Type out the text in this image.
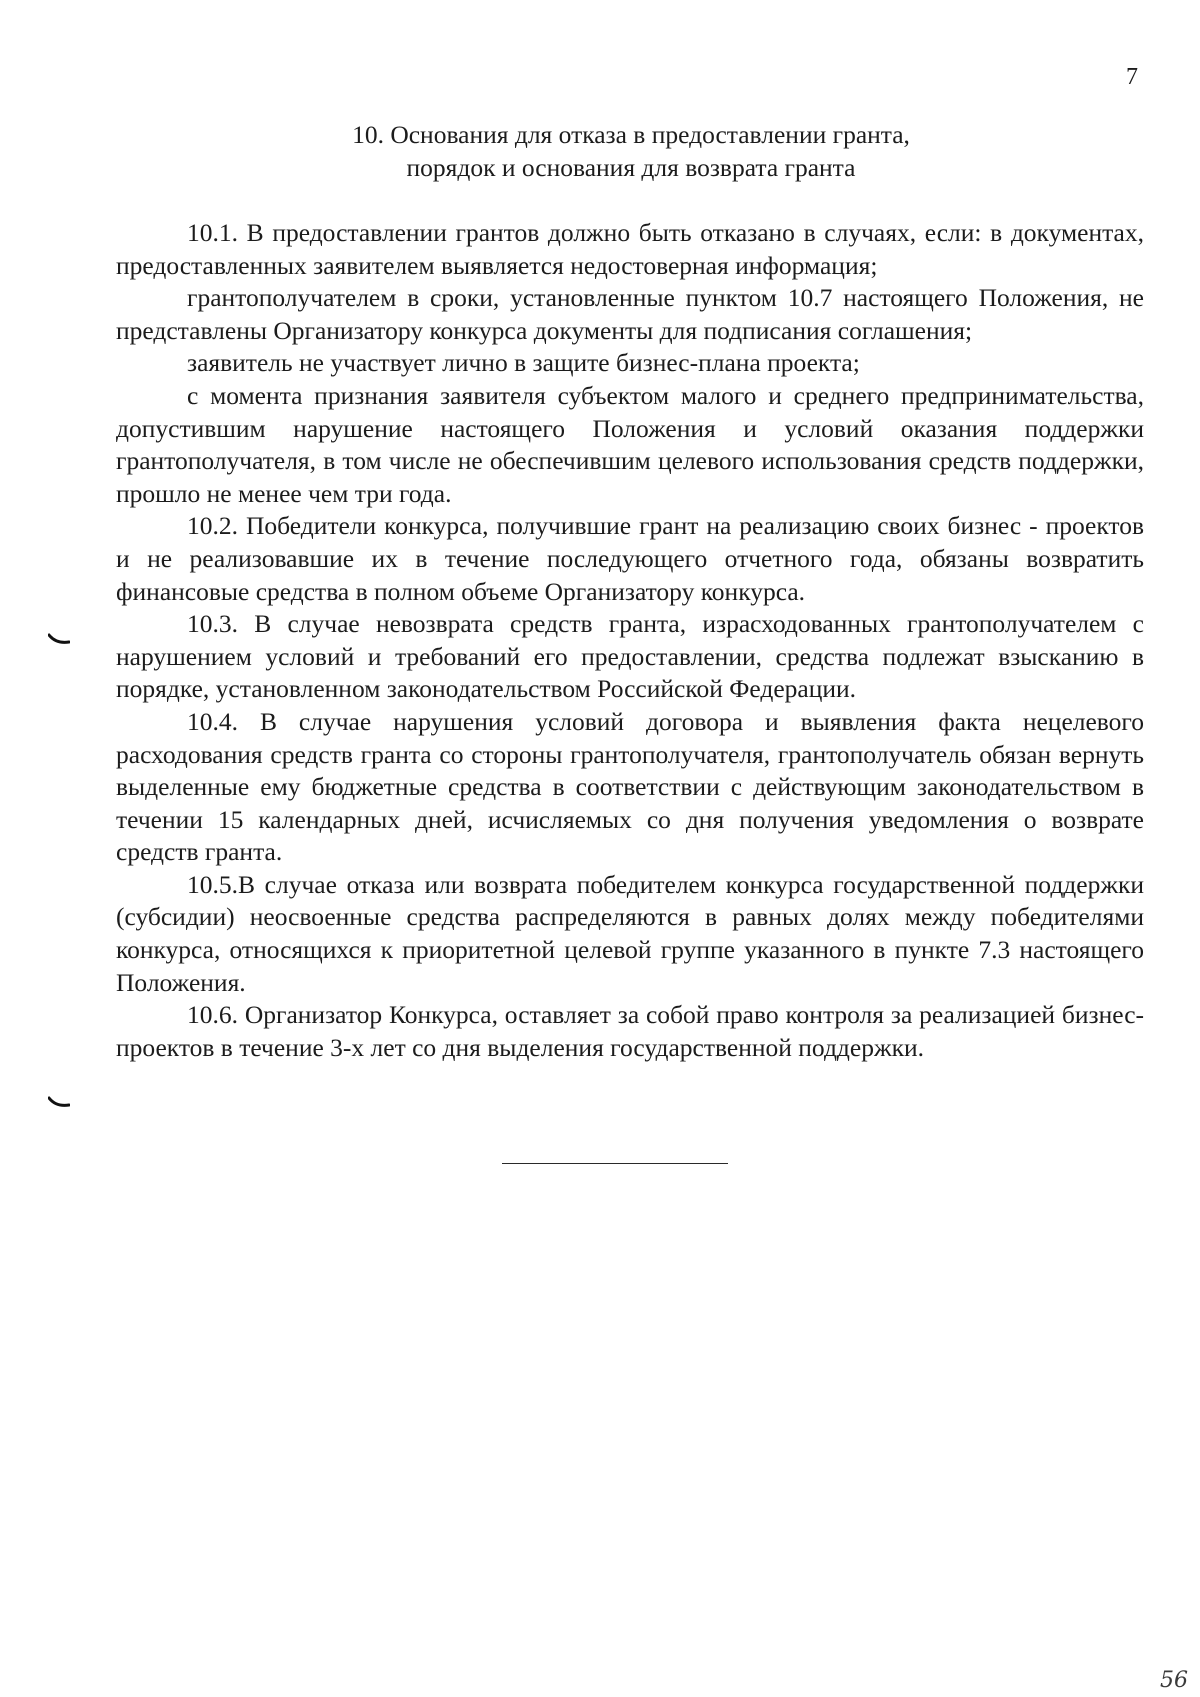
7
10. Основания для отказа в предоставлении гранта,
порядок и основания для возврата гранта

10.1. В предоставлении грантов должно быть отказано в случаях, если: в документах, предоставленных заявителем выявляется недостоверная информация;

грантополучателем в сроки, установленные пунктом 10.7 настоящего Положения, не представлены Организатору конкурса документы для подписания соглашения;

заявитель не участвует лично в защите бизнес-плана проекта;

с момента признания заявителя субъектом малого и среднего предпринимательства, допустившим нарушение настоящего Положения и условий оказания поддержки грантополучателя, в том числе не обеспечившим целевого использования средств поддержки, прошло не менее чем три года.

10.2. Победители конкурса, получившие грант на реализацию своих бизнес - проектов и не реализовавшие их в течение последующего отчетного года, обязаны возвратить финансовые средства в полном объеме Организатору конкурса.

10.3. В случае невозврата средств гранта, израсходованных грантополучателем с нарушением условий и требований его предоставлении, средства подлежат взысканию в порядке, установленном законодательством Российской Федерации.

10.4. В случае нарушения условий договора и выявления факта нецелевого расходования средств гранта со стороны грантополучателя, грантополучатель обязан вернуть выделенные ему бюджетные средства в соответствии с действующим законодательством в течении 15 календарных дней, исчисляемых со дня получения уведомления о возврате средств гранта.

10.5.В случае отказа или возврата победителем конкурса государственной поддержки (субсидии) неосвоенные средства распределяются в равных долях между победителями конкурса, относящихся к приоритетной целевой группе указанного в пункте 7.3 настоящего Положения.

10.6. Организатор Конкурса, оставляет за собой право контроля за реализацией бизнес-проектов в течение 3-х лет со дня выделения государственной поддержки.

56
